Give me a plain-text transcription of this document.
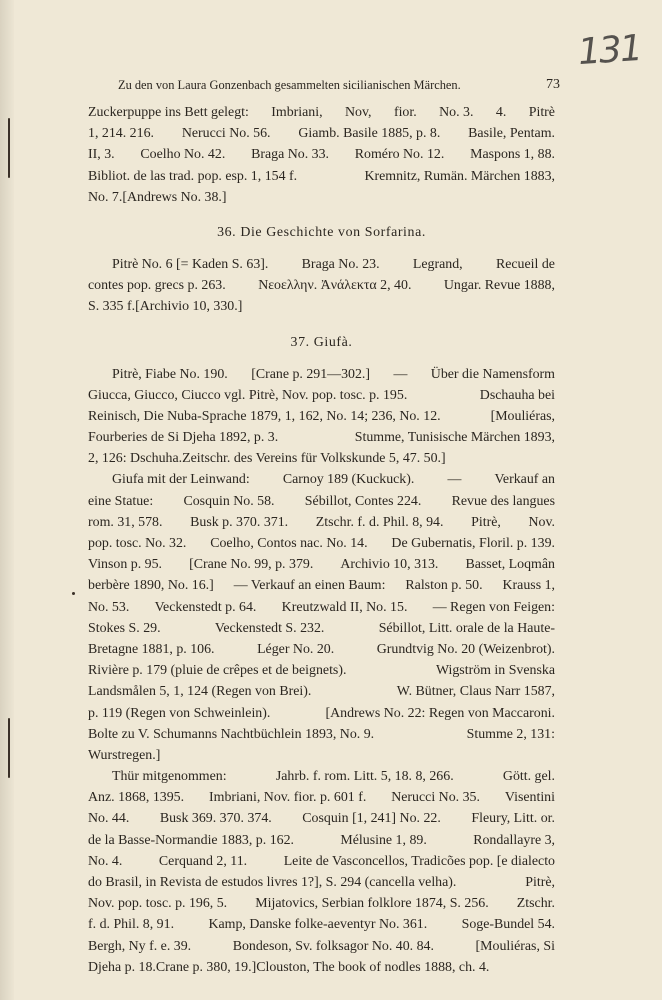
131
Zu den von Laura Gonzenbach gesammelten sicilianischen Märchen.	73
Zuckerpuppe ins Bett gelegt: Imbriani, Nov, fior. No. 3. 4. Pitrè
1, 214. 216. Nerucci No. 56. Giamb. Basile 1885, p. 8. Basile, Pentam.
II, 3. Coelho No. 42. Braga No. 33. Roméro No. 12. Maspons 1, 88.
Bibliot. de las trad. pop. esp. 1, 154 f.	Kremnitz, Rumän. Märchen 1883,
No. 7. [Andrews No. 38.]
36. Die Geschichte von Sorfarina.
Pitrè No. 6 [= Kaden S. 63]. Braga No. 23. Legrand, Recueil de
contes pop. grecs p. 263. Νεοελλην. Ἀνάλεκτα 2, 40. Ungar. Revue 1888,
S. 335 f. [Archivio 10, 330.]
37. Giufà.
Pitrè, Fiabe No. 190. [Crane p. 291—302.] — Über die Namensform
Giucca, Giucco, Ciucco vgl. Pitrè, Nov. pop. tosc. p. 195.	Dschauha bei
Reinisch, Die Nuba-Sprache 1879, 1, 162, No. 14; 236, No. 12.	[Mouliéras,
Fourberies de Si Djeha 1892, p. 3.	Stumme, Tunisische Märchen 1893,
2, 126: Dschuha. Zeitschr. des Vereins für Volkskunde 5, 47. 50.]
Giufa mit der Leinwand: Carnoy 189 (Kuckuck). — Verkauf an
eine Statue: Cosquin No. 58. Sébillot, Contes 224. Revue des langues
rom. 31, 578. Busk p. 370. 371. Ztschr. f. d. Phil. 8, 94. Pitrè, Nov.
pop. tosc. No. 32. Coelho, Contos nac. No. 14. De Gubernatis, Floril. p. 139.
Vinson p. 95. [Crane No. 99, p. 379. Archivio 10, 313. Basset, Loqmân
berbère 1890, No. 16.] — Verkauf an einen Baum: Ralston p. 50. Krauss 1,
No. 53. Veckenstedt p. 64. Kreutzwald II, No. 15. — Regen von Feigen:
Stokes S. 29.	Veckenstedt S. 232.	Sébillot, Litt. orale de la Haute-
Bretagne 1881, p. 106.	Léger No. 20.	Grundtvig No. 20 (Weizenbrot).
Rivière p. 179 (pluie de crêpes et de beignets).	Wigström in Svenska
Landsmålen 5, 1, 124 (Regen von Brei).	W. Bütner, Claus Narr 1587,
p. 119 (Regen von Schweinlein).	[Andrews No. 22: Regen von Maccaroni.
Bolte zu V. Schumanns Nachtbüchlein 1893, No. 9.	Stumme 2, 131:
Wurstregen.]
Thür mitgenommen:	Jahrb. f. rom. Litt. 5, 18. 8, 266.	Gött. gel.
Anz. 1868, 1395. Imbriani, Nov. fior. p. 601 f. Nerucci No. 35. Visentini
No. 44. Busk 369. 370. 374. Cosquin [1, 241] No. 22. Fleury, Litt. or.
de la Basse-Normandie 1883, p. 162.	Mélusine 1, 89.	Rondallayre 3,
No. 4.	Cerquand 2, 11.	Leite de Vasconcellos, Tradicões pop. [e dialecto
do Brasil, in Revista de estudos livres 1?], S. 294 (cancella velha).	Pitrè,
Nov. pop. tosc. p. 196, 5. Mijatovics, Serbian folklore 1874, S. 256. Ztschr.
f. d. Phil. 8, 91. Kamp, Danske folke-aeventyr No. 361. Soge-Bundel 54.
Bergh, Ny f. e. 39.	Bondeson, Sv. folksagor No. 40. 84.	[Mouliéras, Si
Djeha p. 18. Crane p. 380, 19.] Clouston, The book of nodles 1888, ch. 4.
